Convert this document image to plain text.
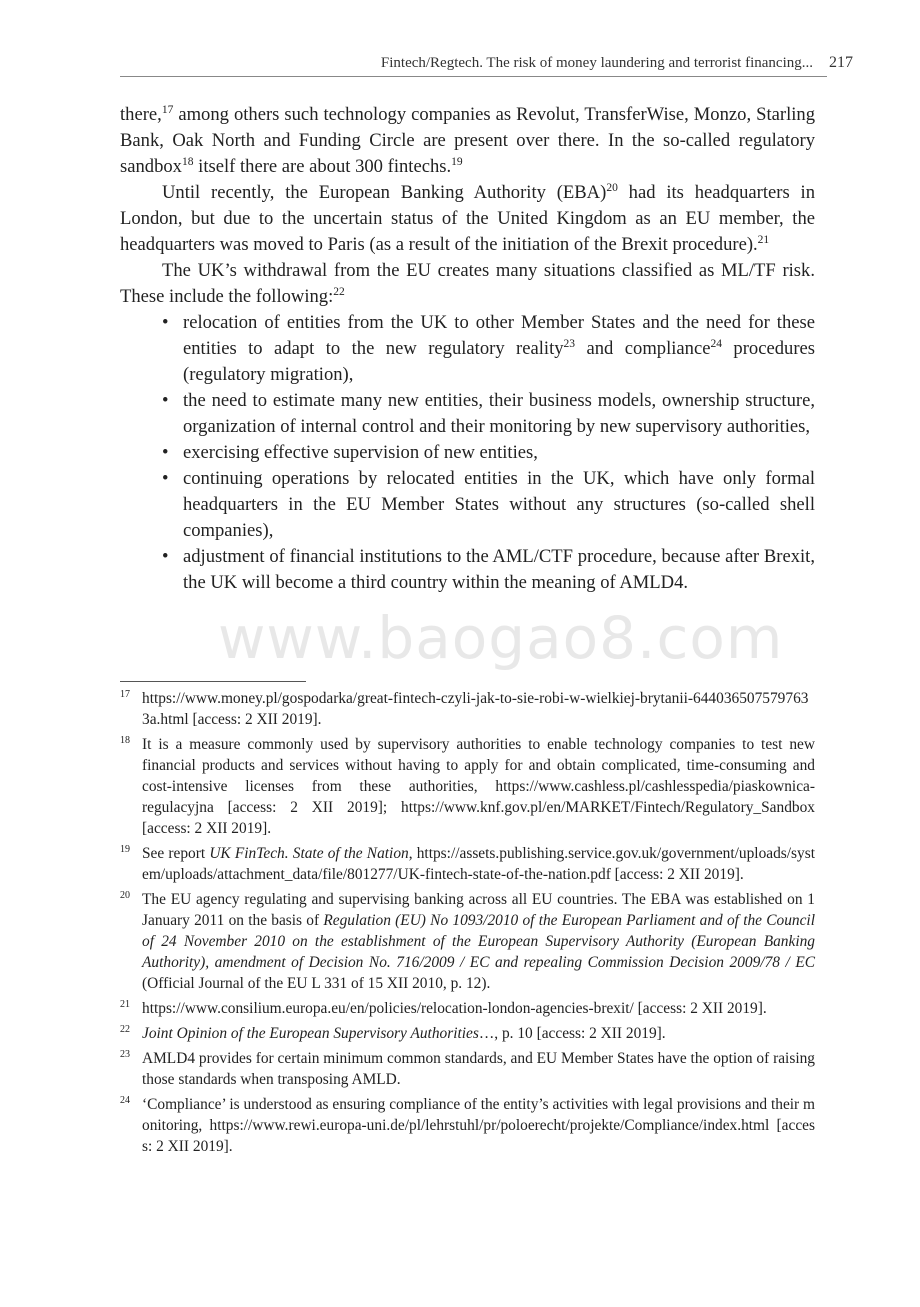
Fintech/Regtech. The risk of money laundering and terrorist financing... 217

there,$^{17}$ among others such technology companies as Revolut, TransferWise, Monzo, Starling Bank, Oak North and Funding Circle are present over there. In the so-called regulatory sandbox$^{18}$ itself there are about 300 fintechs.$^{19}$

Until recently, the European Banking Authority (EBA)$^{20}$ had its headquarters in London, but due to the uncertain status of the United Kingdom as an EU member, the headquarters was moved to Paris (as a result of the initiation of the Brexit procedure).$^{21}$

The UK’s withdrawal from the EU creates many situations classified as ML/TF risk. These include the following:$^{22}$

• relocation of entities from the UK to other Member States and the need for these entities to adapt to the new regulatory reality$^{23}$ and compliance$^{24}$ procedures (regulatory migration),
• the need to estimate many new entities, their business models, ownership structure, organization of internal control and their monitoring by new supervisory authorities,
• exercising effective supervision of new entities,
• continuing operations by relocated entities in the UK, which have only formal headquarters in the EU Member States without any structures (so-called shell companies),
• adjustment of financial institutions to the AML/CTF procedure, because after Brexit, the UK will become a third country within the meaning of AMLD4.
www.baogao8.com
17 https://www.money.pl/gospodarka/great-fintech-czyli-jak-to-sie-robi-w-wielkiej-brytanii-6440365075797633a.html [access: 2 XII 2019].
18 It is a measure commonly used by supervisory authorities to enable technology companies to test new financial products and services without having to apply for and obtain complicated, time-consuming and cost-intensive licenses from these authorities, https://www.cashless.pl/cashlesspedia/piaskownica-regulacyjna [access: 2 XII 2019]; https://www.knf.gov.pl/en/MARKET/Fintech/Regulatory_Sandbox [access: 2 XII 2019].
19 See report UK FinTech. State of the Nation, https://assets.publishing.service.gov.uk/government/uploads/system/uploads/attachment_data/file/801277/UK-fintech-state-of-the-nation.pdf [access: 2 XII 2019].
20 The EU agency regulating and supervising banking across all EU countries. The EBA was established on 1 January 2011 on the basis of Regulation (EU) No 1093/2010 of the European Parliament and of the Council of 24 November 2010 on the establishment of the European Supervisory Authority (European Banking Authority), amendment of Decision No. 716/2009 / EC and repealing Commission Decision 2009/78 / EC (Official Journal of the EU L 331 of 15 XII 2010, p. 12).
21 https://www.consilium.europa.eu/en/policies/relocation-london-agencies-brexit/ [access: 2 XII 2019].
22 Joint Opinion of the European Supervisory Authorities…, p. 10 [access: 2 XII 2019].
23 AMLD4 provides for certain minimum common standards, and EU Member States have the option of raising those standards when transposing AMLD.
24 ‘Compliance’ is understood as ensuring compliance of the entity’s activities with legal provisions and their monitoring, https://www.rewi.europa-uni.de/pl/lehrstuhl/pr/poloerecht/projekte/Compliance/index.html [access: 2 XII 2019].
